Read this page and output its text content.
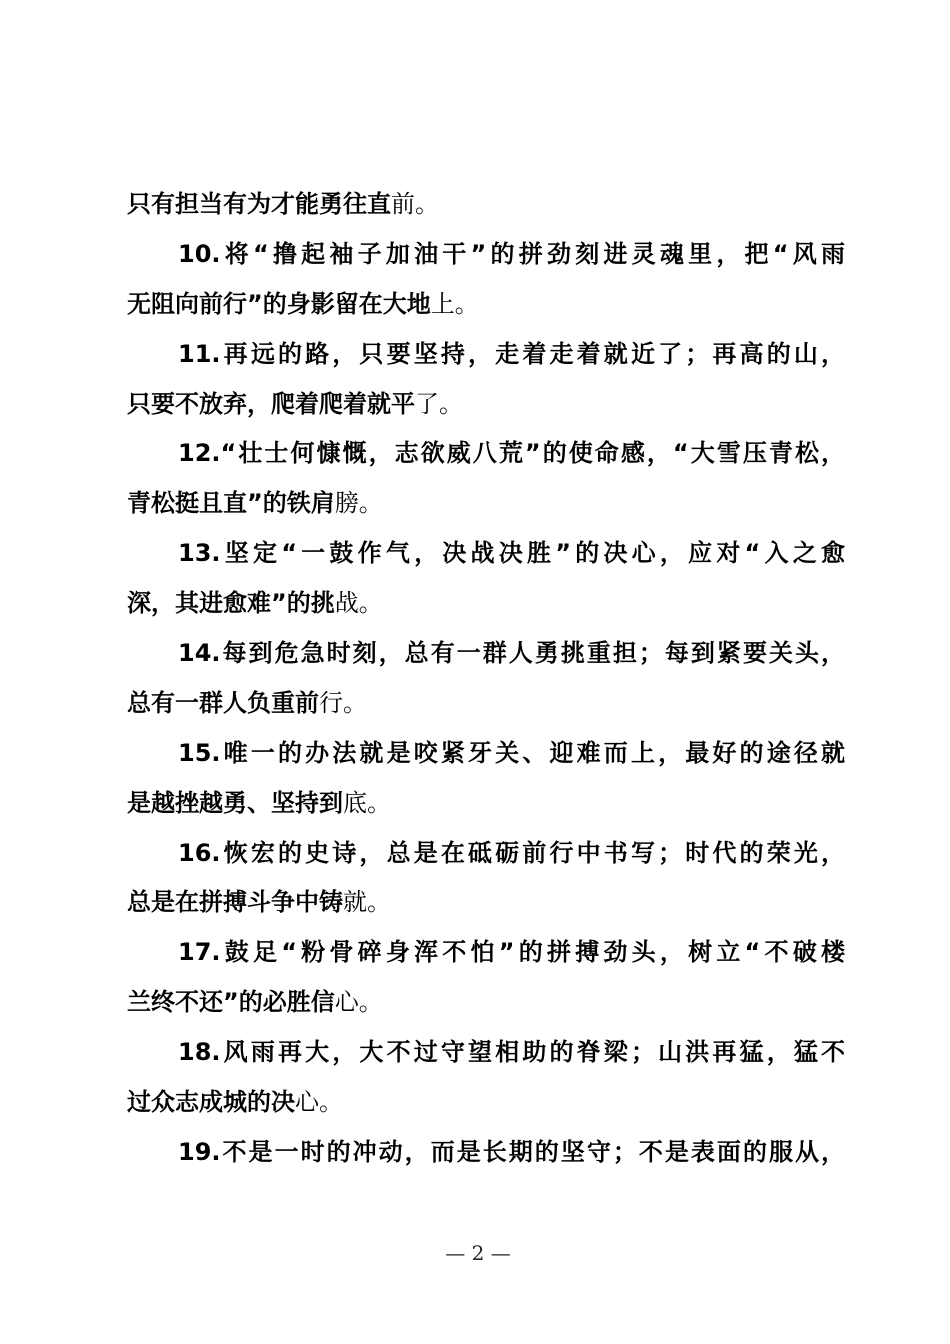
只有担当有为才能勇往直前。
10.将“撸起袖子加油干”的拼劲刻进灵魂里，把“风雨
无阻向前行”的身影留在大地上。
11.再远的路，只要坚持，走着走着就近了；再高的山，
只要不放弃，爬着爬着就平了。
12.“壮士何慷慨，志欲威八荒”的使命感，“大雪压青松，
青松挺且直”的铁肩膀。
13.坚定“一鼓作气，决战决胜”的决心，应对“入之愈
深，其进愈难”的挑战。
14.每到危急时刻，总有一群人勇挑重担；每到紧要关头，
总有一群人负重前行。
15.唯一的办法就是咬紧牙关、迎难而上，最好的途径就
是越挫越勇、坚持到底。
16.恢宏的史诗，总是在砥砺前行中书写；时代的荣光，
总是在拼搏斗争中铸就。
17.鼓足“粉骨碎身浑不怕”的拼搏劲头，树立“不破楼
兰终不还”的必胜信心。
18.风雨再大，大不过守望相助的脊梁；山洪再猛，猛不
过众志成城的决心。
19.不是一时的冲动，而是长期的坚守；不是表面的服从，
— 2 —
